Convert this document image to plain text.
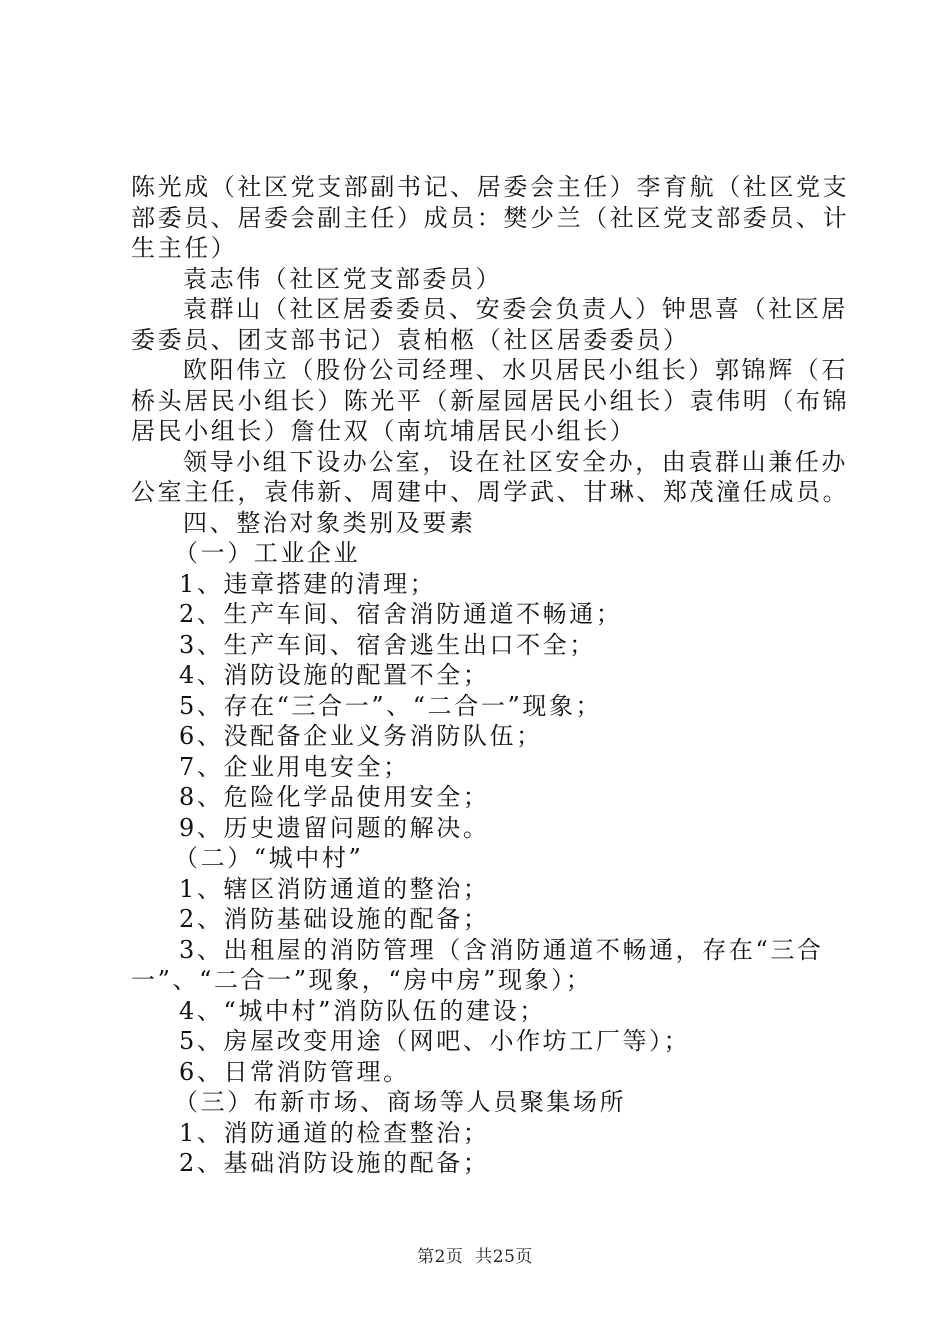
陈光成（社区党支部副书记、居委会主任）李育航（社区党支
部委员、居委会副主任）成员：樊少兰（社区党支部委员、计
生主任）
袁志伟（社区党支部委员）
袁群山（社区居委委员、安委会负责人）钟思喜（社区居
委委员、团支部书记）袁柏柩（社区居委委员）
欧阳伟立（股份公司经理、水贝居民小组长）郭锦辉（石
桥头居民小组长）陈光平（新屋园居民小组长）袁伟明（布锦
居民小组长）詹仕双（南坑埔居民小组长）
领导小组下设办公室，设在社区安全办，由袁群山兼任办
公室主任，袁伟新、周建中、周学武、甘琳、郑茂潼任成员。
四、整治对象类别及要素
（一）工业企业
1、违章搭建的清理；
2、生产车间、宿舍消防通道不畅通；
3、生产车间、宿舍逃生出口不全；
4、消防设施的配置不全；
5、存在“三合一”、“二合一”现象；
6、没配备企业义务消防队伍；
7、企业用电安全；
8、危险化学品使用安全；
9、历史遗留问题的解决。
（二）“城中村”
1、辖区消防通道的整治；
2、消防基础设施的配备；
3、出租屋的消防管理（含消防通道不畅通，存在“三合
一”、“二合一”现象，“房中房”现象）；
4、“城中村”消防队伍的建设；
5、房屋改变用途（网吧、小作坊工厂等）；
6、日常消防管理。
（三）布新市场、商场等人员聚集场所
1、消防通道的检查整治；
2、基础消防设施的配备；
第2页 共25页
